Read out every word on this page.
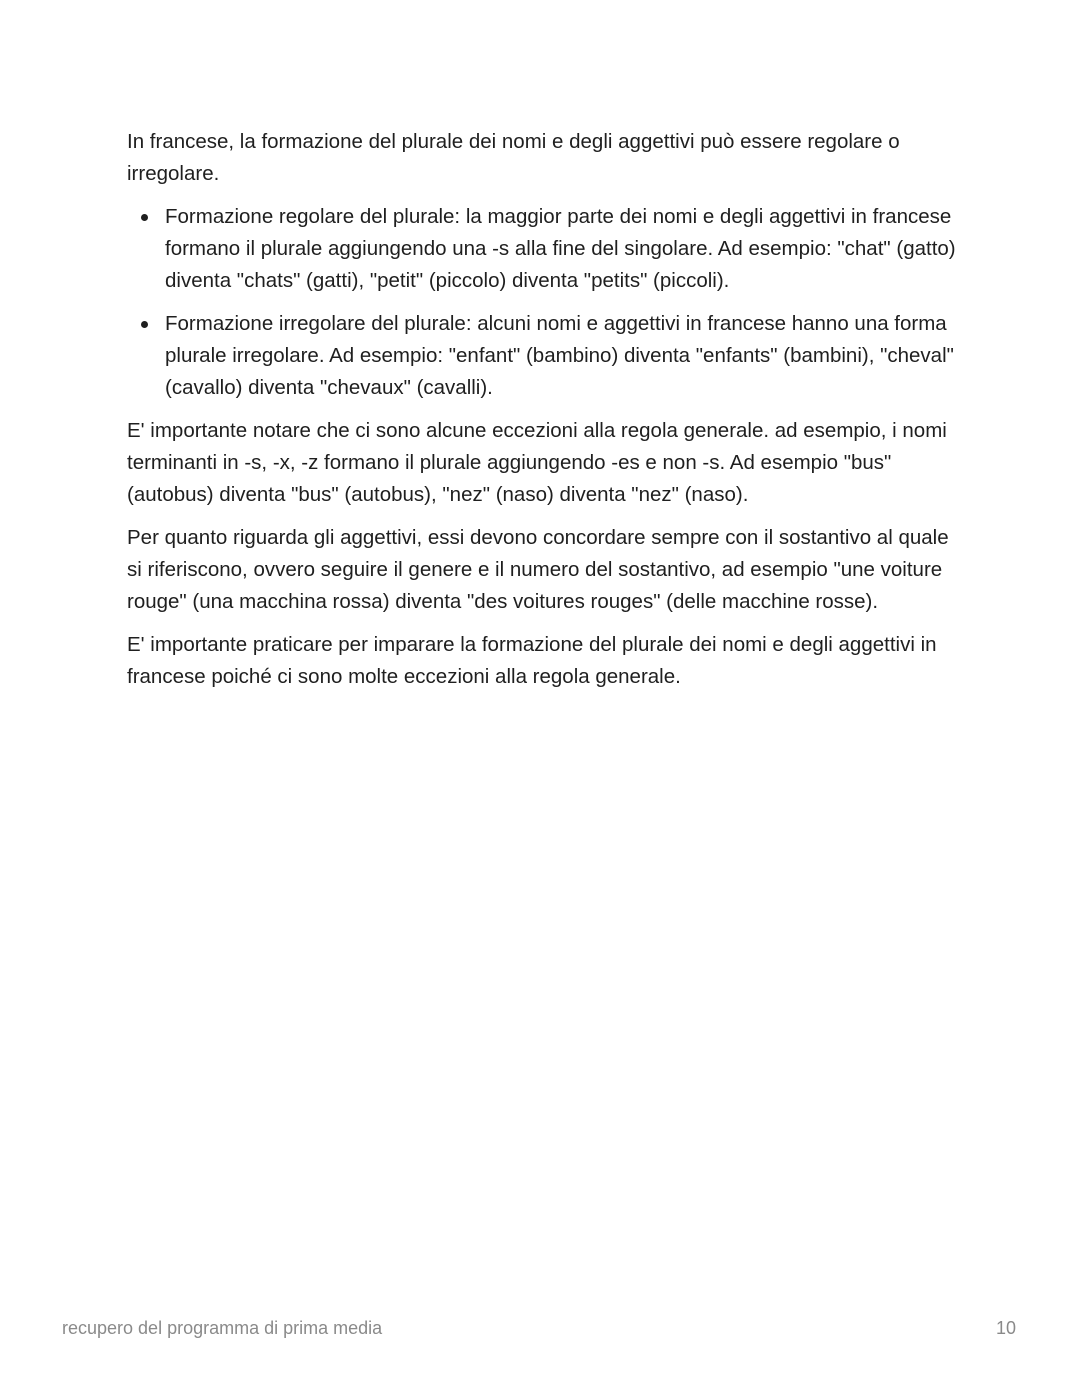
In francese, la formazione del plurale dei nomi e degli aggettivi può essere regolare o irregolare.

Formazione regolare del plurale: la maggior parte dei nomi e degli aggettivi in francese formano il plurale aggiungendo una -s alla fine del singolare. Ad esempio: "chat" (gatto) diventa "chats" (gatti), "petit" (piccolo) diventa "petits" (piccoli).
Formazione irregolare del plurale: alcuni nomi e aggettivi in francese hanno una forma plurale irregolare. Ad esempio: "enfant" (bambino) diventa "enfants" (bambini), "cheval" (cavallo) diventa "chevaux" (cavalli).

E' importante notare che ci sono alcune eccezioni alla regola generale. ad esempio, i nomi terminanti in -s, -x, -z formano il plurale aggiungendo -es e non -s. Ad esempio "bus" (autobus) diventa "bus" (autobus), "nez" (naso) diventa "nez" (naso).

Per quanto riguarda gli aggettivi, essi devono concordare sempre con il sostantivo al quale si riferiscono, ovvero seguire il genere e il numero del sostantivo, ad esempio "une voiture rouge" (una macchina rossa) diventa "des voitures rouges" (delle macchine rosse).

E' importante praticare per imparare la formazione del plurale dei nomi e degli aggettivi in francese poiché ci sono molte eccezioni alla regola generale.

recupero del programma di prima media	10
